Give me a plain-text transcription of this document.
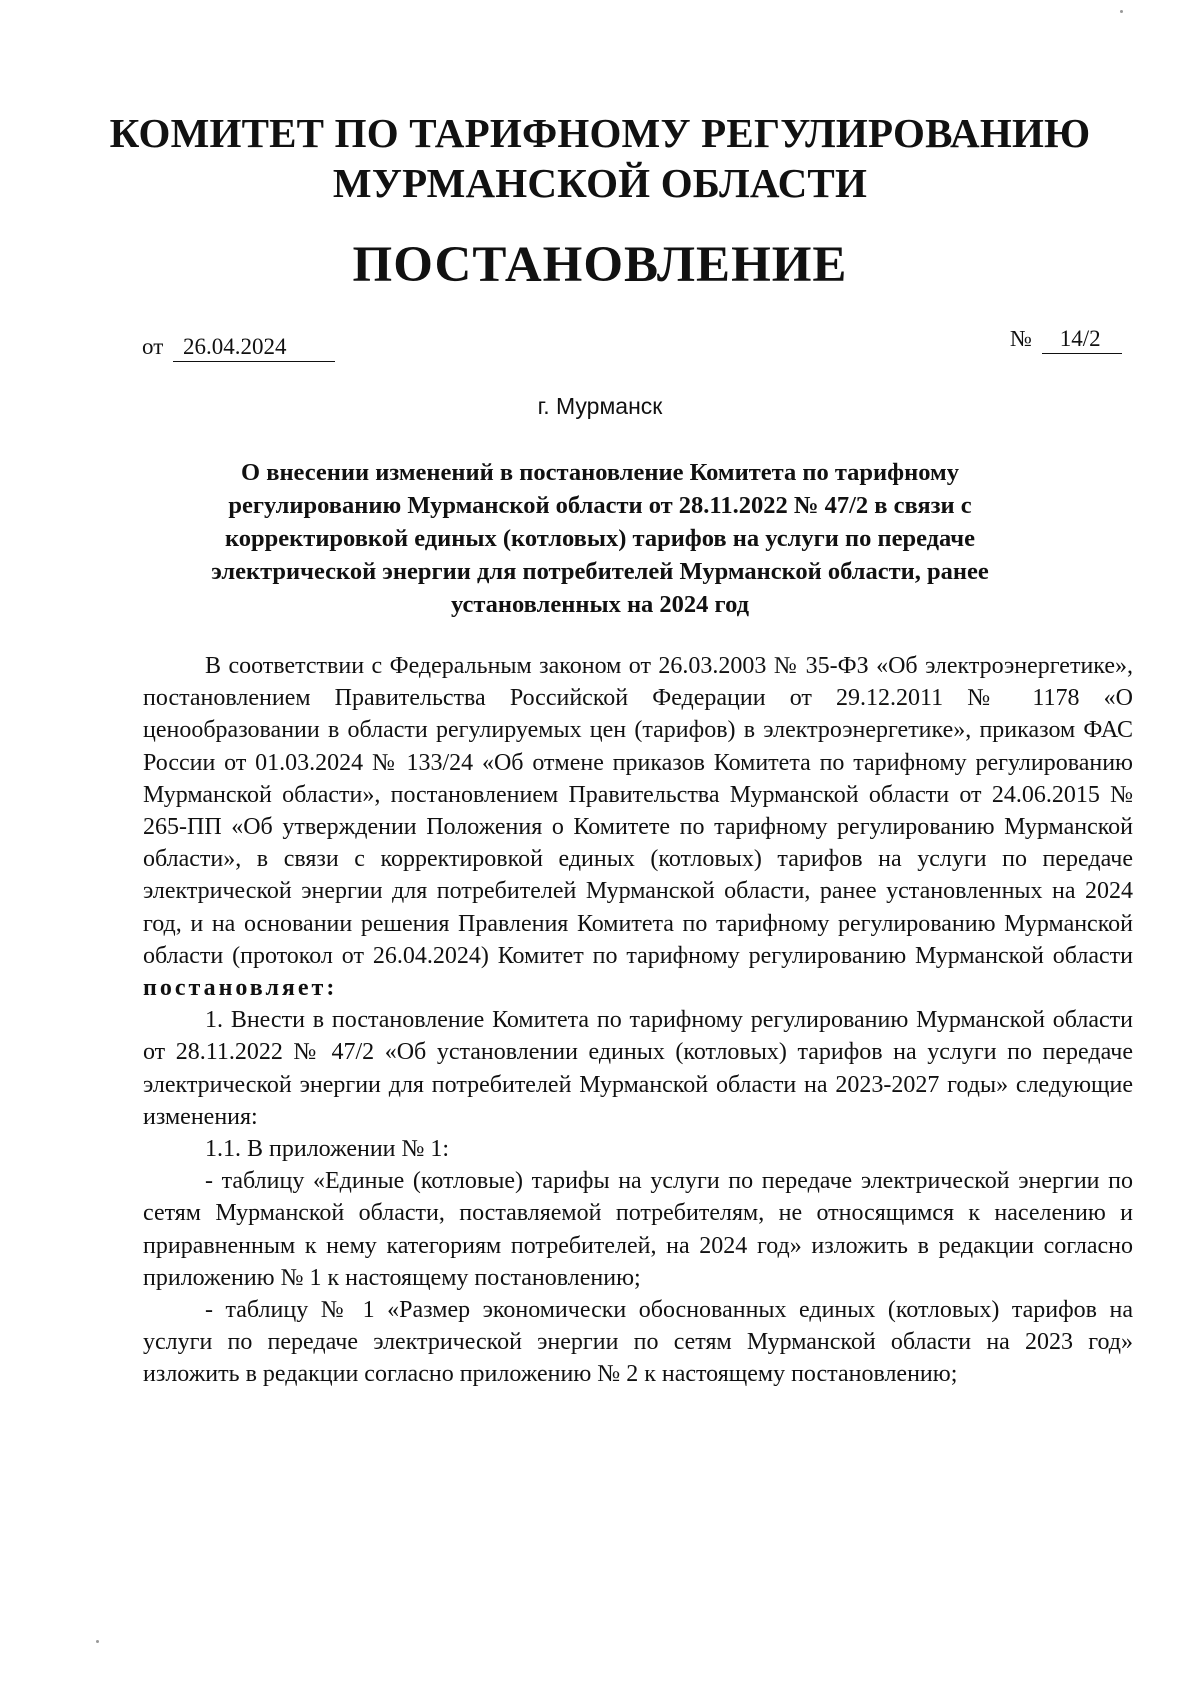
КОМИТЕТ ПО ТАРИФНОМУ РЕГУЛИРОВАНИЮ
МУРМАНСКОЙ ОБЛАСТИ
ПОСТАНОВЛЕНИЕ
от 26.04.2024	№ 14/2
г. Мурманск
О внесении изменений в постановление Комитета по тарифному регулированию Мурманской области от 28.11.2022 № 47/2 в связи с корректировкой единых (котловых) тарифов на услуги по передаче электрической энергии для потребителей Мурманской области, ранее установленных на 2024 год

В соответствии с Федеральным законом от 26.03.2003 № 35-ФЗ «Об электроэнергетике», постановлением Правительства Российской Федерации от 29.12.2011 № 1178 «О ценообразовании в области регулируемых цен (тарифов) в электроэнергетике», приказом ФАС России от 01.03.2024 № 133/24 «Об отмене приказов Комитета по тарифному регулированию Мурманской области», постановлением Правительства Мурманской области от 24.06.2015 № 265-ПП «Об утверждении Положения о Комитете по тарифному регулированию Мурманской области», в связи с корректировкой единых (котловых) тарифов на услуги по передаче электрической энергии для потребителей Мурманской области, ранее установленных на 2024 год, и на основании решения Правления Комитета по тарифному регулированию Мурманской области (протокол от 26.04.2024) Комитет по тарифному регулированию Мурманской области постановляет:

1. Внести в постановление Комитета по тарифному регулированию Мурманской области от 28.11.2022 № 47/2 «Об установлении единых (котловых) тарифов на услуги по передаче электрической энергии для потребителей Мурманской области на 2023-2027 годы» следующие изменения:

1.1. В приложении № 1:

- таблицу «Единые (котловые) тарифы на услуги по передаче электрической энергии по сетям Мурманской области, поставляемой потребителям, не относящимся к населению и приравненным к нему категориям потребителей, на 2024 год» изложить в редакции согласно приложению № 1 к настоящему постановлению;

- таблицу № 1 «Размер экономически обоснованных единых (котловых) тарифов на услуги по передаче электрической энергии по сетям Мурманской области на 2023 год» изложить в редакции согласно приложению № 2 к настоящему постановлению;
